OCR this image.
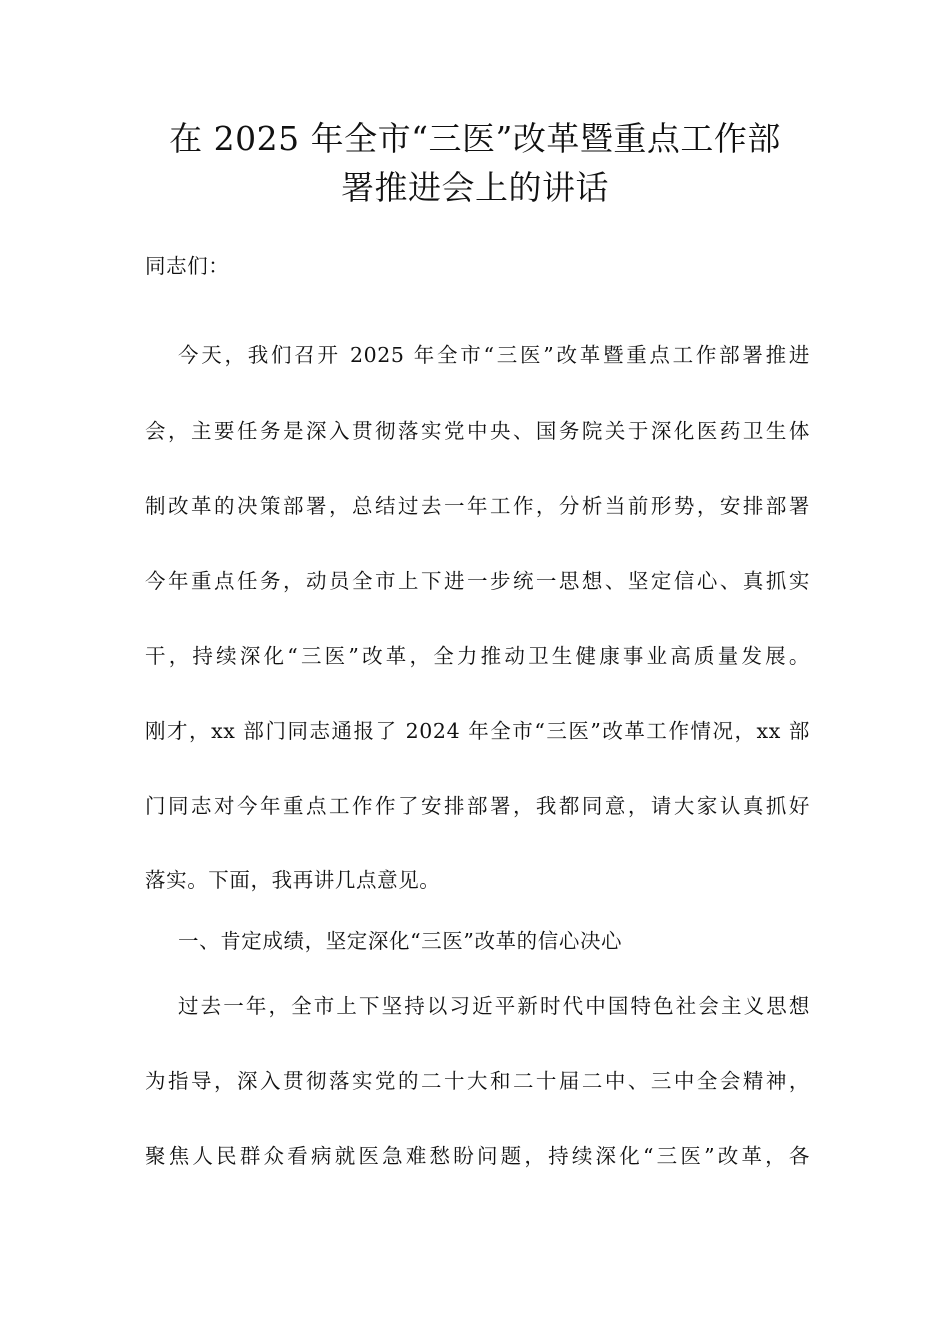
在 2025 年全市“三医”改革暨重点工作部
署推进会上的讲话
同志们：
今天，我们召开 2025 年全市“三医”改革暨重点工作部署推进
会，主要任务是深入贯彻落实党中央、国务院关于深化医药卫生体
制改革的决策部署，总结过去一年工作，分析当前形势，安排部署
今年重点任务，动员全市上下进一步统一思想、坚定信心、真抓实
干，持续深化“三医”改革，全力推动卫生健康事业高质量发展。
刚才，xx 部门同志通报了 2024 年全市“三医”改革工作情况，xx 部
门同志对今年重点工作作了安排部署，我都同意，请大家认真抓好
落实。下面，我再讲几点意见。
一、肯定成绩，坚定深化“三医”改革的信心决心
过去一年，全市上下坚持以习近平新时代中国特色社会主义思想
为指导，深入贯彻落实党的二十大和二十届二中、三中全会精神，
聚焦人民群众看病就医急难愁盼问题，持续深化“三医”改革，各
